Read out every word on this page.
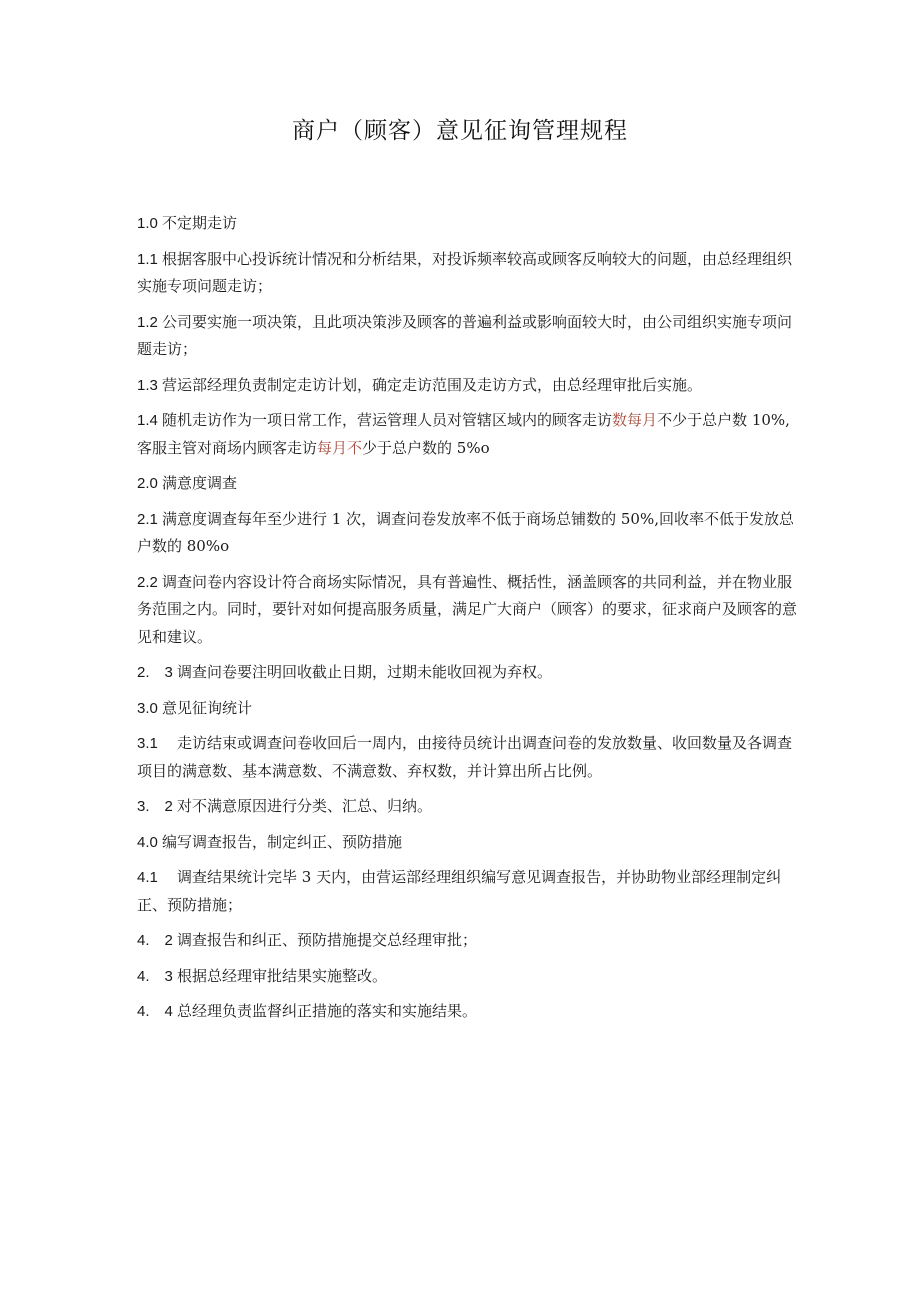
商户（顾客）意见征询管理规程

1.0 不定期走访

1.1 根据客服中心投诉统计情况和分析结果，对投诉频率较高或顾客反响较大的问题，由总经理组织实施专项问题走访；

1.2 公司要实施一项决策，且此项决策涉及顾客的普遍利益或影响面较大时，由公司组织实施专项问题走访；

1.3 营运部经理负责制定走访计划，确定走访范围及走访方式，由总经理审批后实施。

1.4 随机走访作为一项日常工作，营运管理人员对管辖区域内的顾客走访数每月不少于总户数 10%,客服主管对商场内顾客走访每月不少于总户数的 5%o

2.0 满意度调查

2.1 满意度调查每年至少进行 1 次，调查问卷发放率不低于商场总铺数的 50%,回收率不低于发放总户数的 80%o

2.2 调查问卷内容设计符合商场实际情况，具有普遍性、概括性，涵盖顾客的共同利益，并在物业服务范围之内。同时，要针对如何提高服务质量，满足广大商户（顾客）的要求，征求商户及顾客的意见和建议。

2.　3 调查问卷要注明回收截止日期，过期未能收回视为弃权。

3.0 意见征询统计

3.1　 走访结束或调查问卷收回后一周内，由接待员统计出调查问卷的发放数量、收回数量及各调查项目的满意数、基本满意数、不满意数、弃权数，并计算出所占比例。

3.　2 对不满意原因进行分类、汇总、归纳。

4.0 编写调查报告，制定纠正、预防措施

4.1　 调查结果统计完毕 3 天内，由营运部经理组织编写意见调查报告，并协助物业部经理制定纠正、预防措施；

4.　2 调查报告和纠正、预防措施提交总经理审批；

4.　3 根据总经理审批结果实施整改。

4.　4 总经理负责监督纠正措施的落实和实施结果。
